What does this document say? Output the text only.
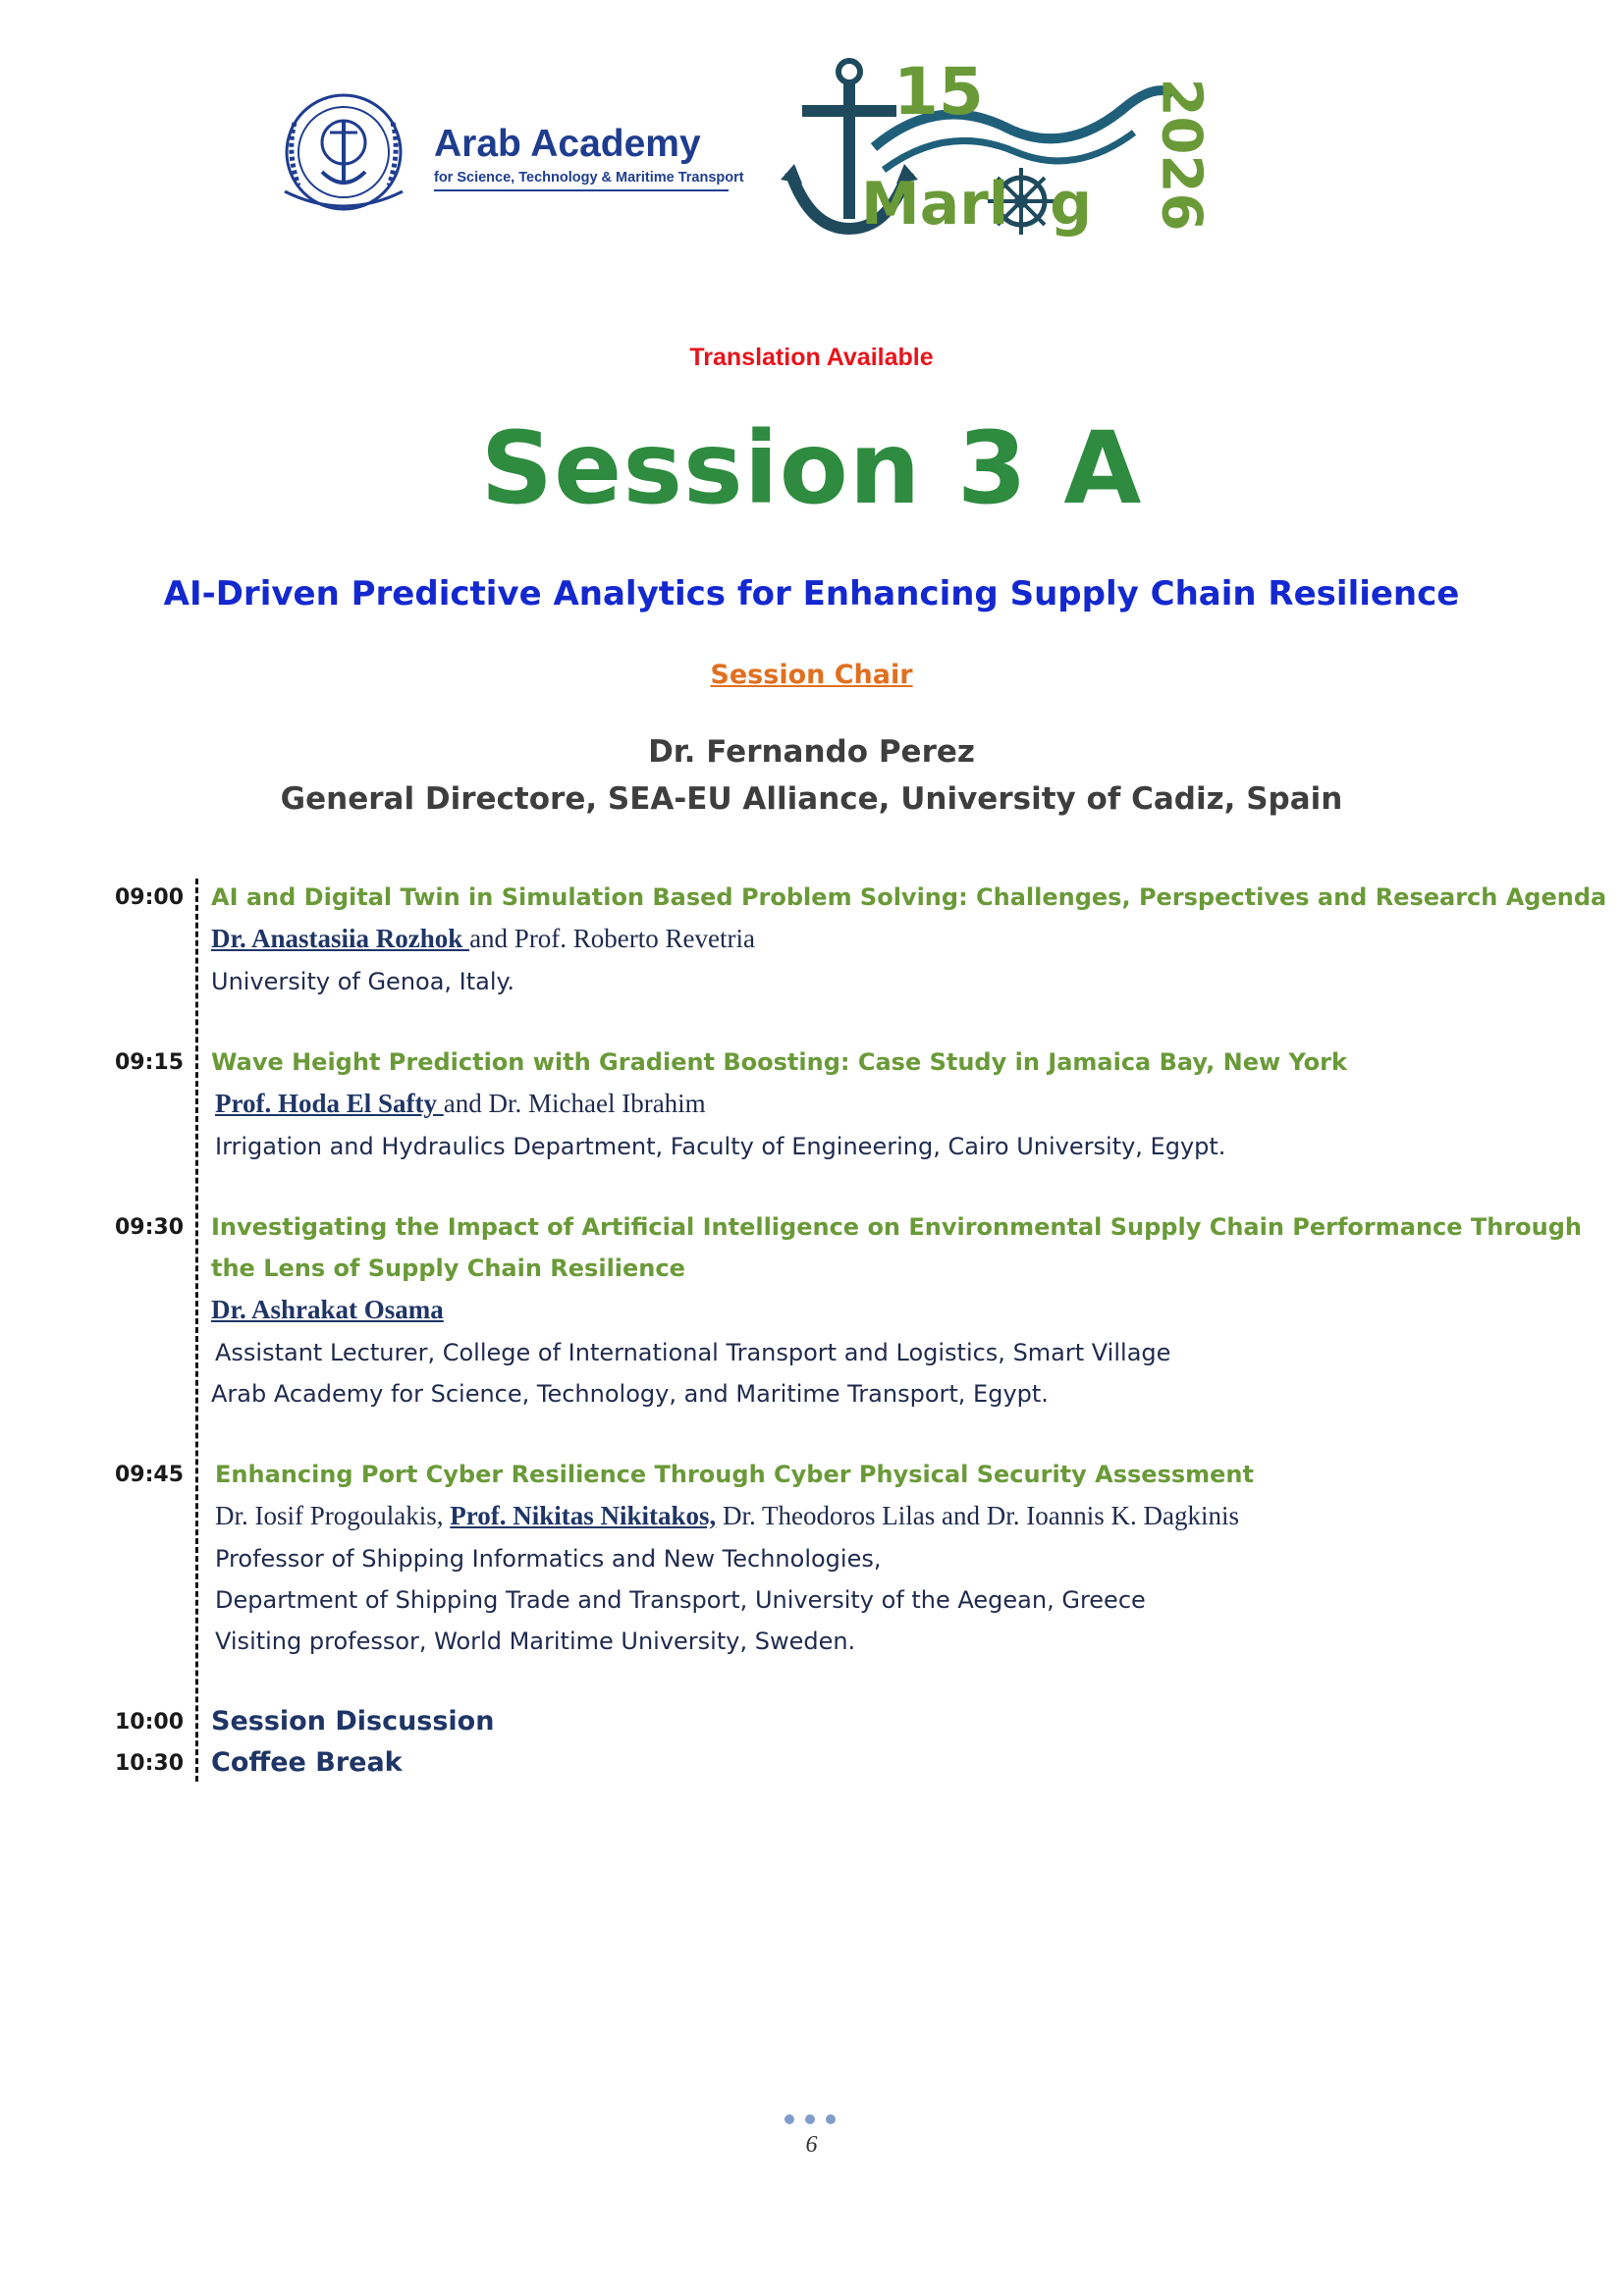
Arab Academy
for Science, Technology & Maritime Transport
15
Marl  g 2026
Translation Available
Session 3 A
AI-Driven Predictive Analytics for Enhancing Supply Chain Resilience
Session Chair
Dr. Fernando Perez
General Directore, SEA-EU Alliance, University of Cadiz, Spain
09:00 AI and Digital Twin in Simulation Based Problem Solving: Challenges, Perspectives and Research Agenda
Dr. Anastasiia Rozhok and Prof. Roberto Revetria
University of Genoa, Italy.
09:15 Wave Height Prediction with Gradient Boosting: Case Study in Jamaica Bay, New York
Prof. Hoda El Safty and Dr. Michael Ibrahim
Irrigation and Hydraulics Department, Faculty of Engineering, Cairo University, Egypt.
09:30 Investigating the Impact of Artificial Intelligence on Environmental Supply Chain Performance Through
the Lens of Supply Chain Resilience
Dr. Ashrakat Osama
Assistant Lecturer, College of International Transport and Logistics, Smart Village
Arab Academy for Science, Technology, and Maritime Transport, Egypt.
09:45 Enhancing Port Cyber Resilience Through Cyber Physical Security Assessment
Dr. Iosif Progoulakis, Prof. Nikitas Nikitakos, Dr. Theodoros Lilas and Dr. Ioannis K. Dagkinis
Professor of Shipping Informatics and New Technologies,
Department of Shipping Trade and Transport, University of the Aegean, Greece
Visiting professor, World Maritime University, Sweden.
10:00 Session Discussion
10:30 Coffee Break
6
